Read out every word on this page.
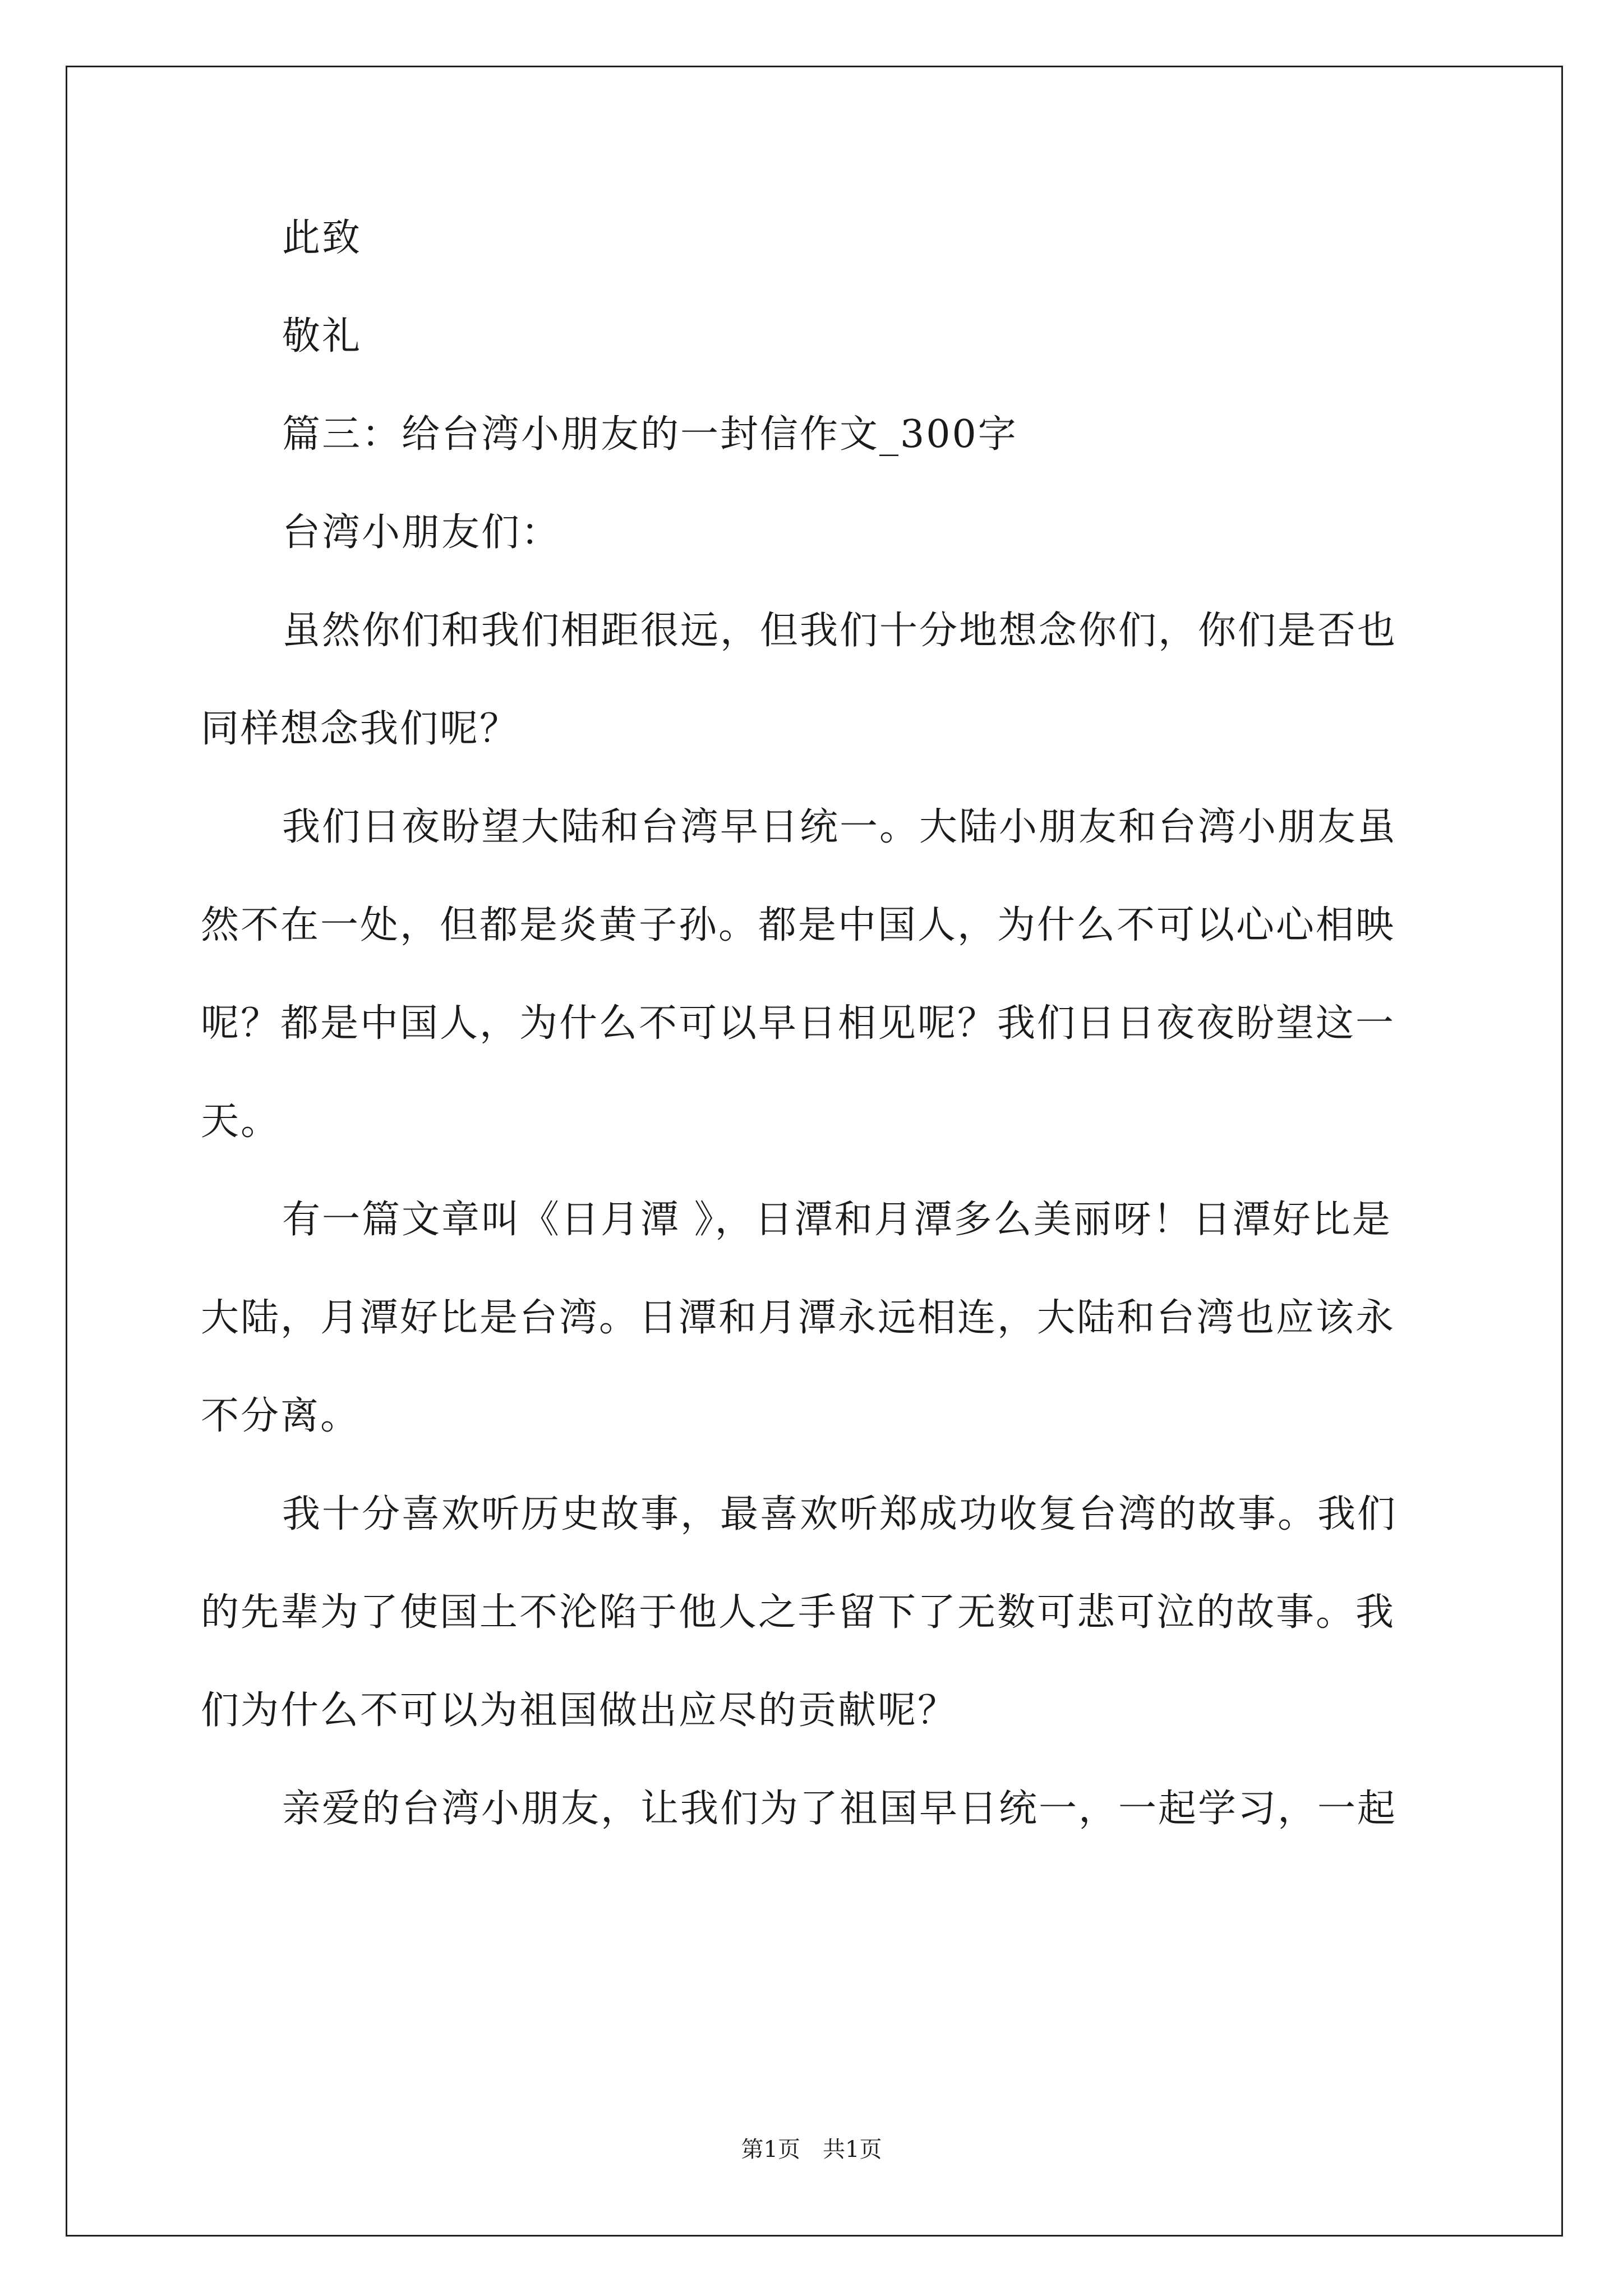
此致
敬礼
篇三：给台湾小朋友的一封信作文_300字
台湾小朋友们：
虽然你们和我们相距很远，但我们十分地想念你们，你们是否也
同样想念我们呢？
我们日夜盼望大陆和台湾早日统一。大陆小朋友和台湾小朋友虽
然不在一处，但都是炎黄子孙。都是中国人，为什么不可以心心相映
呢？都是中国人，为什么不可以早日相见呢？我们日日夜夜盼望这一
天。
有一篇文章叫《日月潭 》，日潭和月潭多么美丽呀！日潭好比是
大陆，月潭好比是台湾。日潭和月潭永远相连，大陆和台湾也应该永
不分离。
我十分喜欢听历史故事，最喜欢听郑成功收复台湾的故事。我们
的先辈为了使国土不沦陷于他人之手留下了无数可悲可泣的故事。我
们为什么不可以为祖国做出应尽的贡献呢？
亲爱的台湾小朋友，让我们为了祖国早日统一，一起学习，一起
第1页　共1页
